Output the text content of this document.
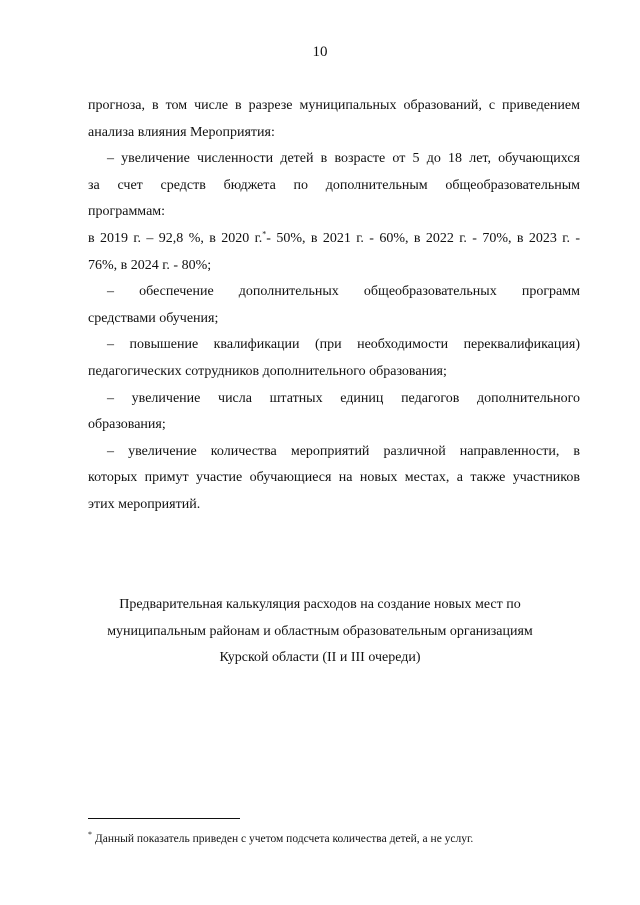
10

прогноза, в том числе в разрезе муниципальных образований, с приведением
анализа влияния Мероприятия:

– увеличение численности детей в возрасте от 5 до 18 лет, обучающихся
за счет средств бюджета по дополнительным общеобразовательным
программам:

в 2019 г. – 92,8 %, в 2020 г.*- 50%, в 2021 г. - 60%, в 2022 г. - 70%, в 2023 г. -
76%, в 2024 г. - 80%;

– обеспечение дополнительных общеобразовательных программ
средствами обучения;

– повышение квалификации (при необходимости переквалификация)
педагогических сотрудников дополнительного образования;

– увеличение числа штатных единиц педагогов дополнительного
образования;

– увеличение количества мероприятий различной направленности, в
которых примут участие обучающиеся на новых местах, а также участников
этих мероприятий.

Предварительная калькуляция расходов на создание новых мест по
муниципальным районам и областным образовательным организациям
Курской области (II и III очереди)
* Данный показатель приведен с учетом подсчета количества детей, а не услуг.
